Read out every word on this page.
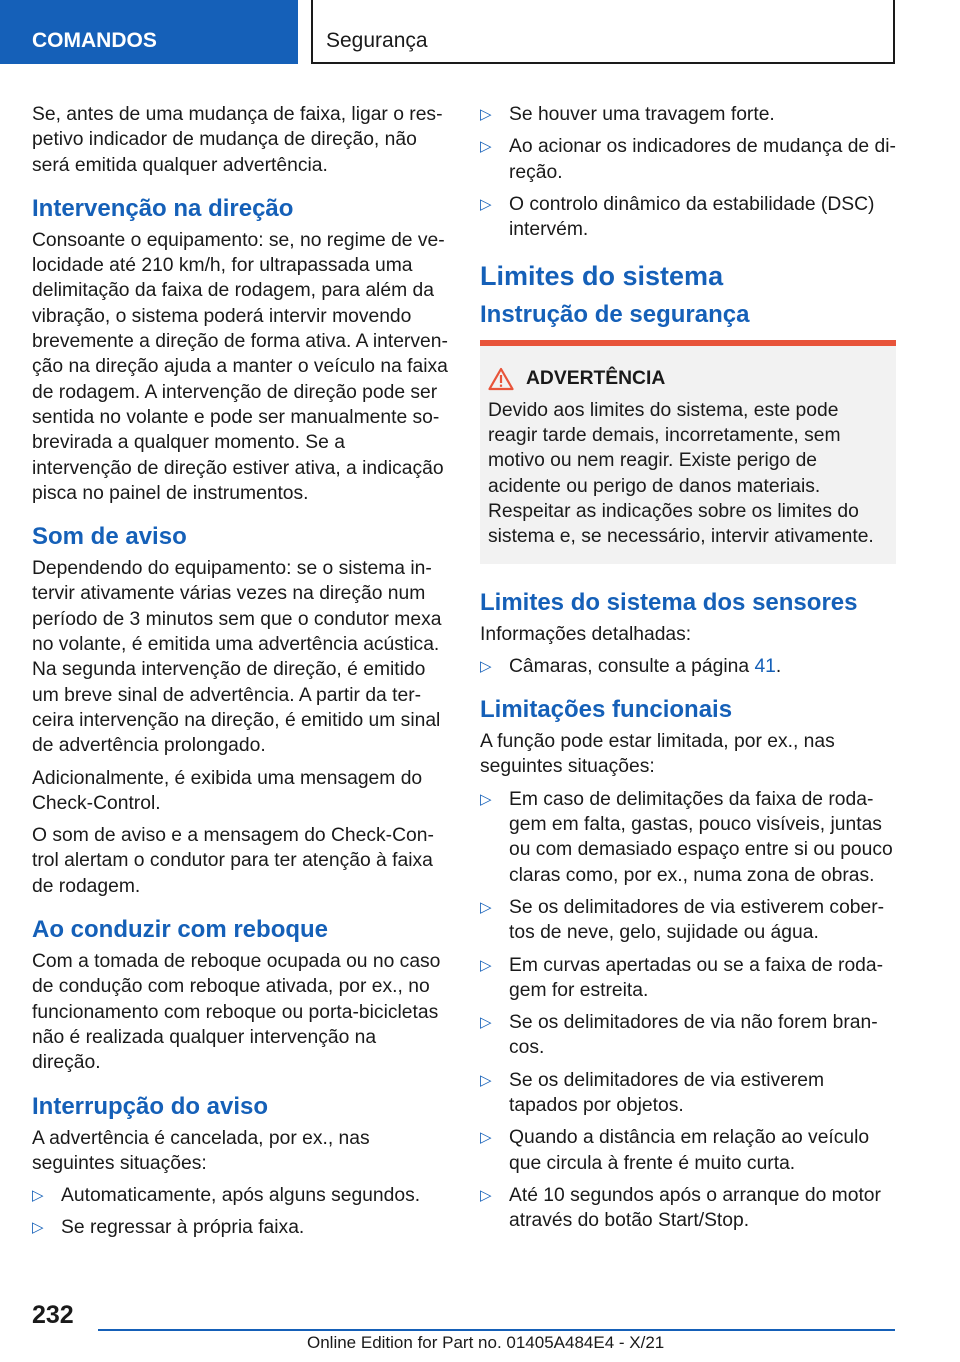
COMANDOS	Segurança

Se, antes de uma mudança de faixa, ligar o respetivo indicador de mudança de direção, não será emitida qualquer advertência.

Intervenção na direção

Consoante o equipamento: se, no regime de velocidade até 210 km/h, for ultrapassada uma delimitação da faixa de rodagem, para além da vibração, o sistema poderá intervir movendo brevemente a direção de forma ativa. A intervenção na direção ajuda a manter o veículo na faixa de rodagem. A intervenção de direção pode ser sentida no volante e pode ser manualmente sobrevirada a qualquer momento. Se a intervenção de direção estiver ativa, a indicação pisca no painel de instrumentos.

Som de aviso

Dependendo do equipamento: se o sistema intervir ativamente várias vezes na direção num período de 3 minutos sem que o condutor mexa no volante, é emitida uma advertência acústica. Na segunda intervenção de direção, é emitido um breve sinal de advertência. A partir da terceira intervenção na direção, é emitido um sinal de advertência prolongado.

Adicionalmente, é exibida uma mensagem do Check-Control.

O som de aviso e a mensagem do Check-Control alertam o condutor para ter atenção à faixa de rodagem.

Ao conduzir com reboque

Com a tomada de reboque ocupada ou no caso de condução com reboque ativada, por ex., no funcionamento com reboque ou porta-bicicletas não é realizada qualquer intervenção na direção.

Interrupção do aviso

A advertência é cancelada, por ex., nas seguintes situações:

▷ Automaticamente, após alguns segundos.
▷ Se regressar à própria faixa.
▷ Se houver uma travagem forte.
▷ Ao acionar os indicadores de mudança de direção.
▷ O controlo dinâmico da estabilidade (DSC) intervém.
Limites do sistema
Instrução de segurança
ADVERTÊNCIA
Devido aos limites do sistema, este pode reagir tarde demais, incorretamente, sem motivo ou nem reagir. Existe perigo de acidente ou perigo de danos materiais. Respeitar as indicações sobre os limites do sistema e, se necessário, intervir ativamente.
Limites do sistema dos sensores

Informações detalhadas:

▷ Câmaras, consulte a página 41.
Limitações funcionais

A função pode estar limitada, por ex., nas seguintes situações:

▷ Em caso de delimitações da faixa de rodagem em falta, gastas, pouco visíveis, juntas ou com demasiado espaço entre si ou pouco claras como, por ex., numa zona de obras.
▷ Se os delimitadores de via estiverem cobertos de neve, gelo, sujidade ou água.
▷ Em curvas apertadas ou se a faixa de rodagem for estreita.
▷ Se os delimitadores de via não forem brancos.
▷ Se os delimitadores de via estiverem tapados por objetos.
▷ Quando a distância em relação ao veículo que circula à frente é muito curta.
▷ Até 10 segundos após o arranque do motor através do botão Start/Stop.
232
Online Edition for Part no. 01405A484E4 - X/21
